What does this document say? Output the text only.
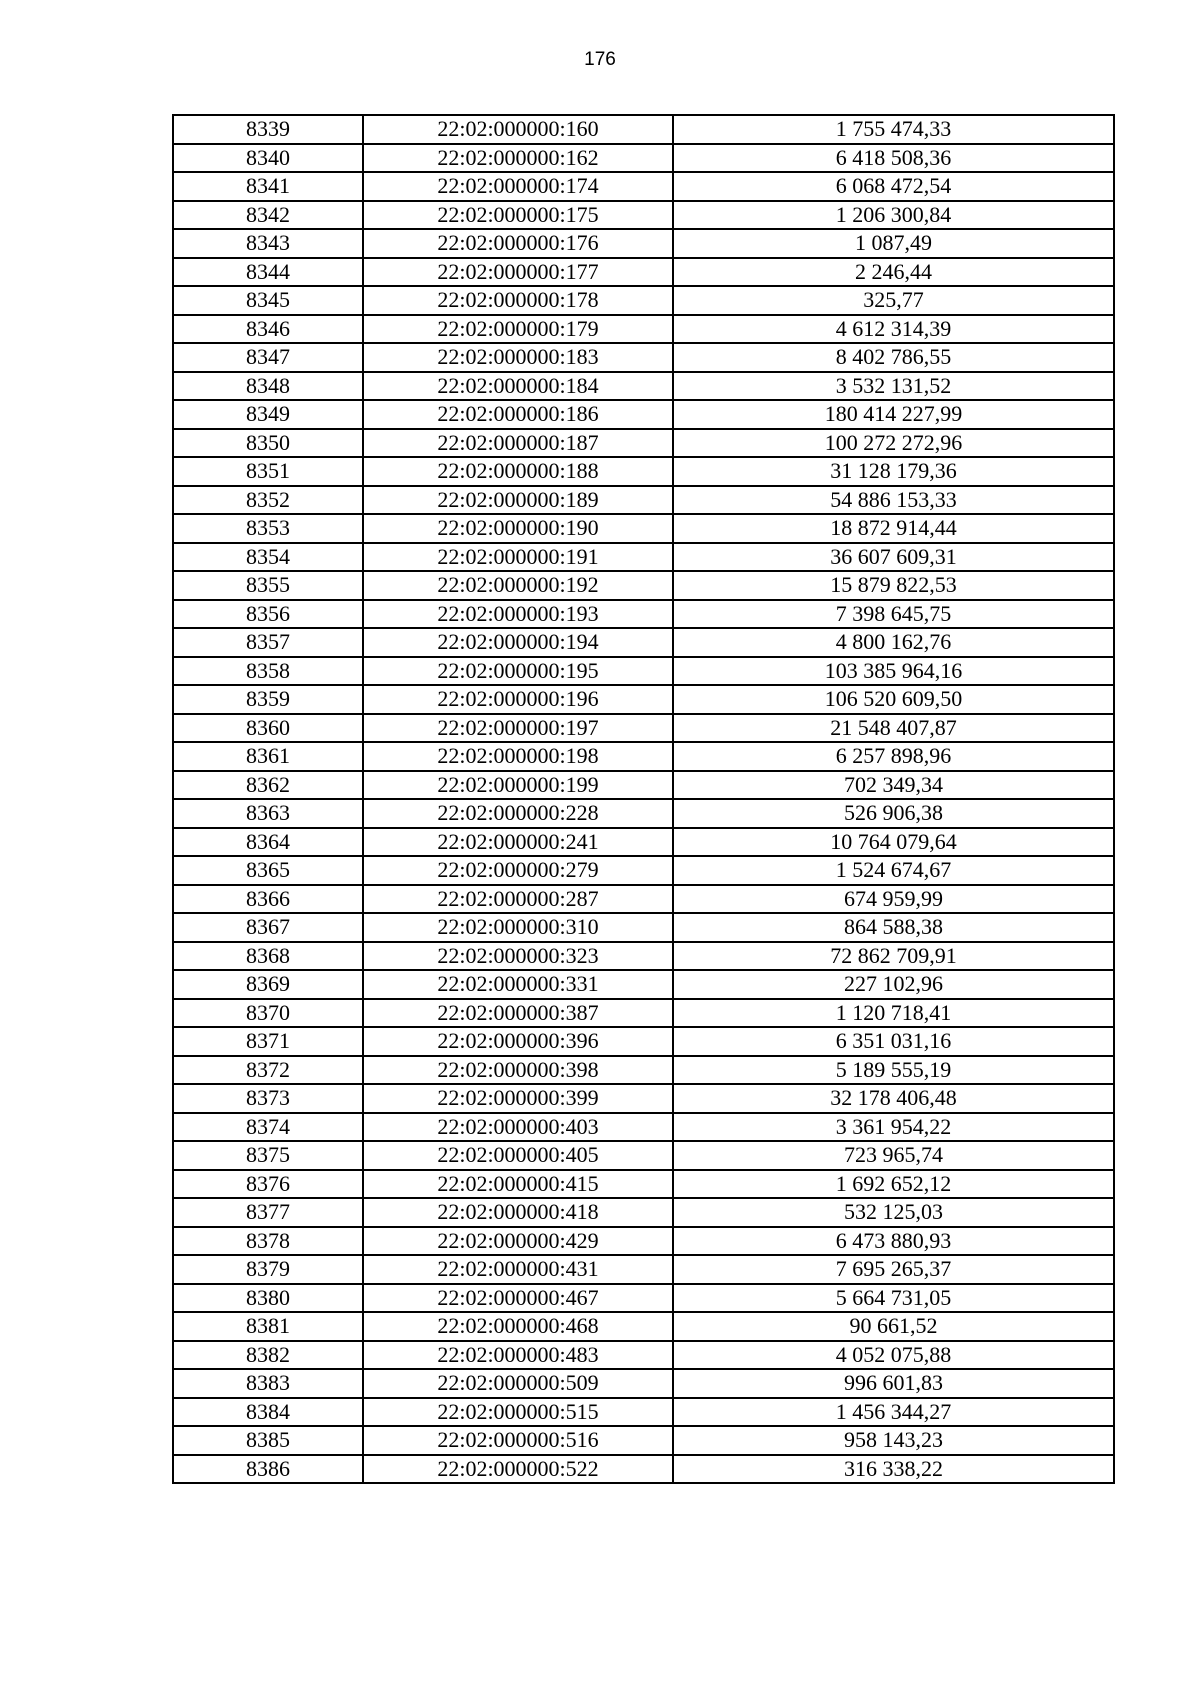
176
8339	22:02:000000:160	1 755 474,33
8340	22:02:000000:162	6 418 508,36
8341	22:02:000000:174	6 068 472,54
8342	22:02:000000:175	1 206 300,84
8343	22:02:000000:176	1 087,49
8344	22:02:000000:177	2 246,44
8345	22:02:000000:178	325,77
8346	22:02:000000:179	4 612 314,39
8347	22:02:000000:183	8 402 786,55
8348	22:02:000000:184	3 532 131,52
8349	22:02:000000:186	180 414 227,99
8350	22:02:000000:187	100 272 272,96
8351	22:02:000000:188	31 128 179,36
8352	22:02:000000:189	54 886 153,33
8353	22:02:000000:190	18 872 914,44
8354	22:02:000000:191	36 607 609,31
8355	22:02:000000:192	15 879 822,53
8356	22:02:000000:193	7 398 645,75
8357	22:02:000000:194	4 800 162,76
8358	22:02:000000:195	103 385 964,16
8359	22:02:000000:196	106 520 609,50
8360	22:02:000000:197	21 548 407,87
8361	22:02:000000:198	6 257 898,96
8362	22:02:000000:199	702 349,34
8363	22:02:000000:228	526 906,38
8364	22:02:000000:241	10 764 079,64
8365	22:02:000000:279	1 524 674,67
8366	22:02:000000:287	674 959,99
8367	22:02:000000:310	864 588,38
8368	22:02:000000:323	72 862 709,91
8369	22:02:000000:331	227 102,96
8370	22:02:000000:387	1 120 718,41
8371	22:02:000000:396	6 351 031,16
8372	22:02:000000:398	5 189 555,19
8373	22:02:000000:399	32 178 406,48
8374	22:02:000000:403	3 361 954,22
8375	22:02:000000:405	723 965,74
8376	22:02:000000:415	1 692 652,12
8377	22:02:000000:418	532 125,03
8378	22:02:000000:429	6 473 880,93
8379	22:02:000000:431	7 695 265,37
8380	22:02:000000:467	5 664 731,05
8381	22:02:000000:468	90 661,52
8382	22:02:000000:483	4 052 075,88
8383	22:02:000000:509	996 601,83
8384	22:02:000000:515	1 456 344,27
8385	22:02:000000:516	958 143,23
8386	22:02:000000:522	316 338,22
